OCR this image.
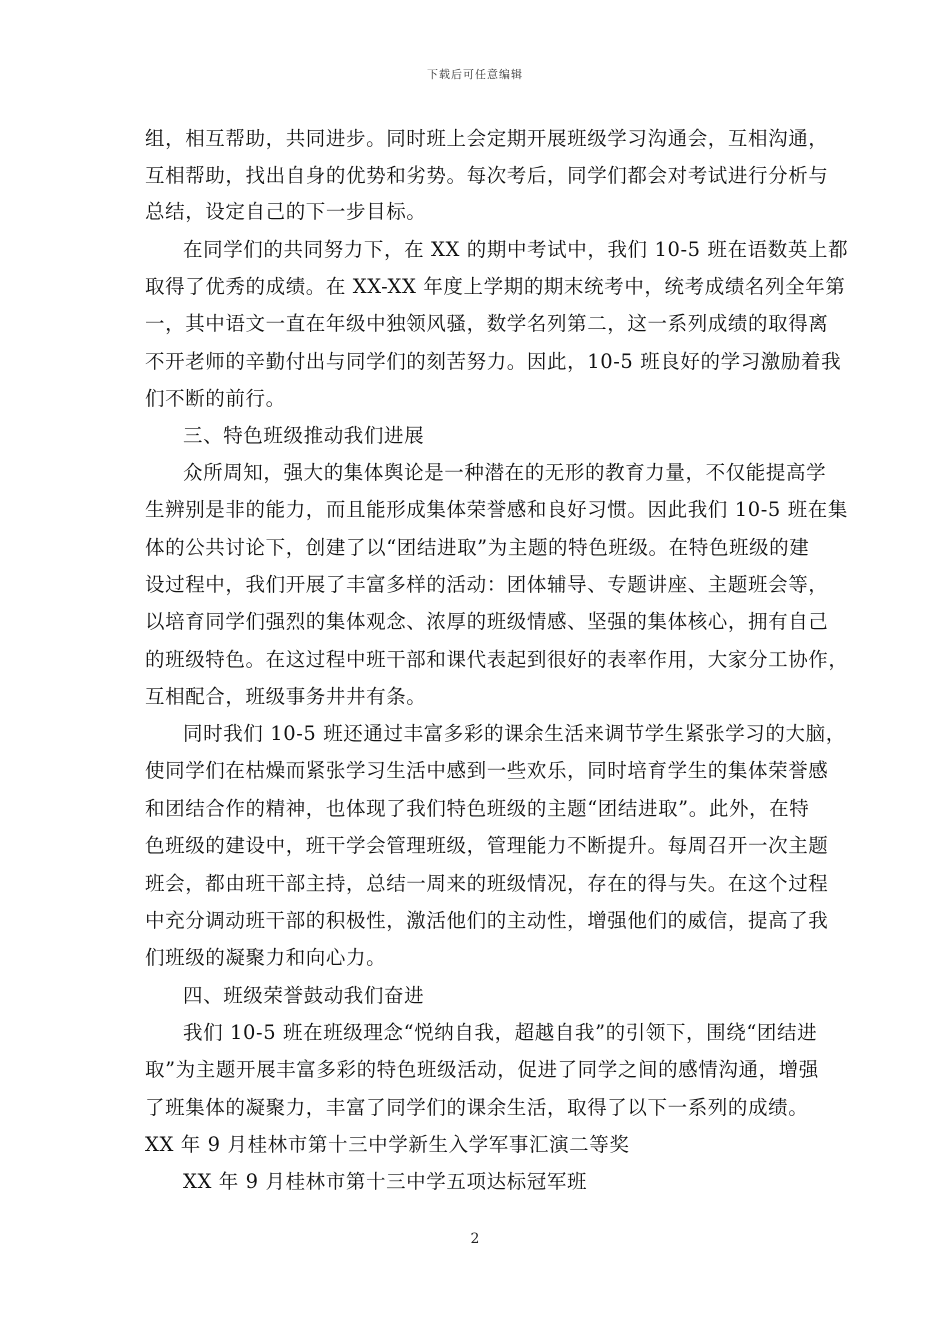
下载后可任意编辑
组，相互帮助，共同进步。同时班上会定期开展班级学习沟通会，互相沟通，
互相帮助，找出自身的优势和劣势。每次考后，同学们都会对考试进行分析与
总结，设定自己的下一步目标。
在同学们的共同努力下，在 XX 的期中考试中，我们 10-5 班在语数英上都
取得了优秀的成绩。在 XX-XX 年度上学期的期末统考中，统考成绩名列全年第
一，其中语文一直在年级中独领风骚，数学名列第二，这一系列成绩的取得离
不开老师的辛勤付出与同学们的刻苦努力。因此，10-5 班良好的学习激励着我
们不断的前行。
三、特色班级推动我们进展
众所周知，强大的集体舆论是一种潜在的无形的教育力量，不仅能提高学
生辨别是非的能力，而且能形成集体荣誉感和良好习惯。因此我们 10-5 班在集
体的公共讨论下，创建了以“团结进取”为主题的特色班级。在特色班级的建
设过程中，我们开展了丰富多样的活动：团体辅导、专题讲座、主题班会等，
以培育同学们强烈的集体观念、浓厚的班级情感、坚强的集体核心，拥有自己
的班级特色。在这过程中班干部和课代表起到很好的表率作用，大家分工协作，
互相配合，班级事务井井有条。
同时我们 10-5 班还通过丰富多彩的课余生活来调节学生紧张学习的大脑，
使同学们在枯燥而紧张学习生活中感到一些欢乐，同时培育学生的集体荣誉感
和团结合作的精神，也体现了我们特色班级的主题“团结进取”。此外，在特
色班级的建设中，班干学会管理班级，管理能力不断提升。每周召开一次主题
班会，都由班干部主持，总结一周来的班级情况，存在的得与失。在这个过程
中充分调动班干部的积极性，激活他们的主动性，增强他们的威信，提高了我
们班级的凝聚力和向心力。
四、班级荣誉鼓动我们奋进
我们 10-5 班在班级理念“悦纳自我，超越自我”的引领下，围绕“团结进
取”为主题开展丰富多彩的特色班级活动，促进了同学之间的感情沟通，增强
了班集体的凝聚力，丰富了同学们的课余生活，取得了以下一系列的成绩。
XX 年 9 月桂林市第十三中学新生入学军事汇演二等奖
XX 年 9 月桂林市第十三中学五项达标冠军班
2
